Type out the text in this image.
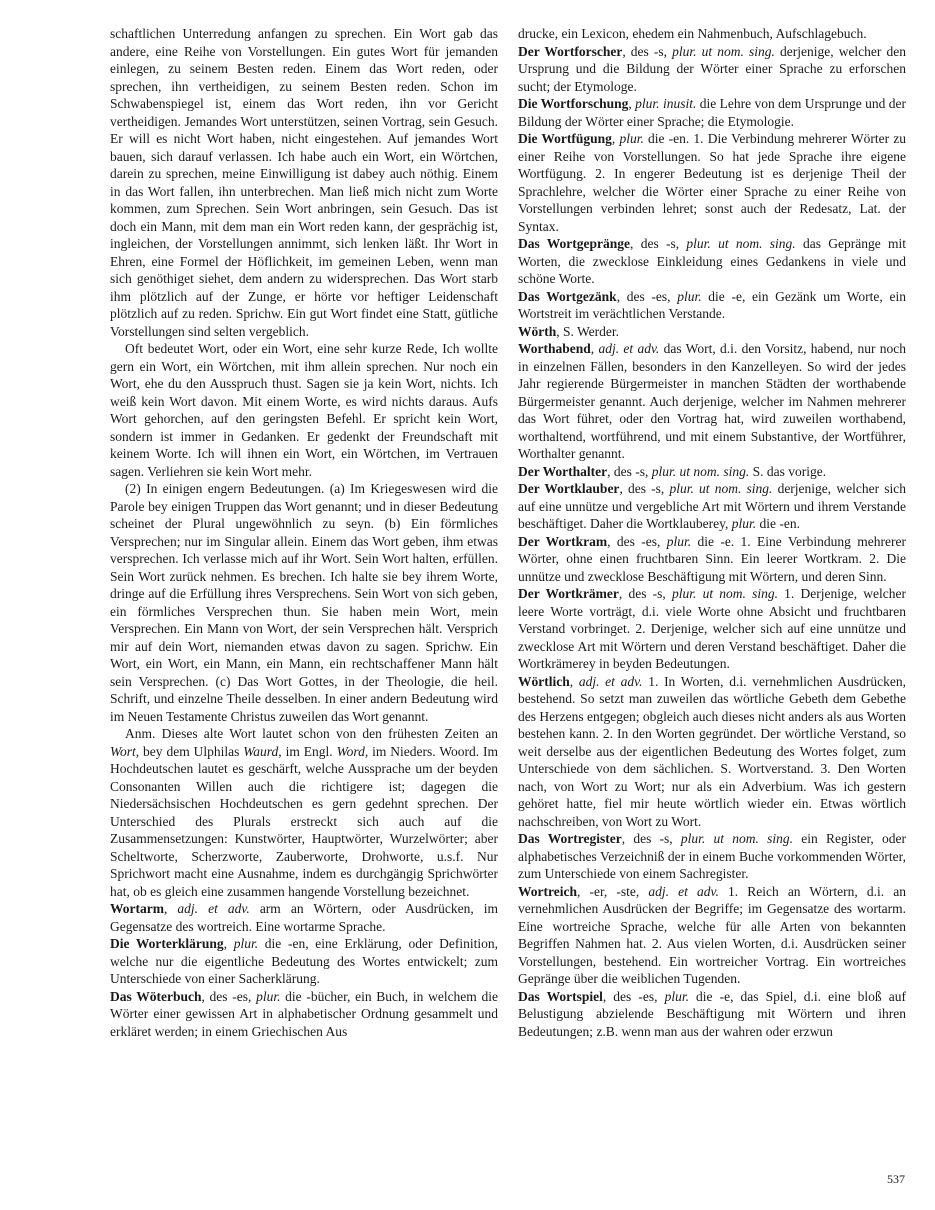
schaftlichen Unterredung anfangen zu sprechen. Ein Wort gab das andere, eine Reihe von Vorstellungen. Ein gutes Wort für jemanden einlegen, zu seinem Besten reden. Einem das Wort reden, oder sprechen, ihn vertheidigen, zu seinem Besten reden. Schon im Schwabenspiegel ist, einem das Wort reden, ihn vor Gericht vertheidigen. Jemandes Wort unterstützen, seinen Vortrag, sein Gesuch. Er will es nicht Wort haben, nicht eingestehen. Auf jemandes Wort bauen, sich darauf verlassen. Ich habe auch ein Wort, ein Wörtchen, darein zu sprechen, meine Einwilligung ist dabey auch nöthig. Einem in das Wort fallen, ihn unterbrechen. Man ließ mich nicht zum Worte kommen, zum Sprechen. Sein Wort anbringen, sein Gesuch. Das ist doch ein Mann, mit dem man ein Wort reden kann, der gesprächig ist, ingleichen, der Vorstellungen annimmt, sich lenken läßt. Ihr Wort in Ehren, eine Formel der Höflichkeit, im gemeinen Leben, wenn man sich genöthiget siehet, dem andern zu widersprechen. Das Wort starb ihm plötzlich auf der Zunge, er hörte vor heftiger Leidenschaft plötzlich auf zu reden. Sprichw. Ein gut Wort findet eine Statt, gütliche Vorstellungen sind selten vergeblich.

Oft bedeutet Wort, oder ein Wort, eine sehr kurze Rede, Ich wollte gern ein Wort, ein Wörtchen, mit ihm allein sprechen. Nur noch ein Wort, ehe du den Ausspruch thust. Sagen sie ja kein Wort, nichts. Ich weiß kein Wort davon. Mit einem Worte, es wird nichts daraus. Aufs Wort gehorchen, auf den geringsten Befehl. Er spricht kein Wort, sondern ist immer in Gedanken. Er gedenkt der Freundschaft mit keinem Worte. Ich will ihnen ein Wort, ein Wörtchen, im Vertrauen sagen. Verliehren sie kein Wort mehr.

(2) In einigen engern Bedeutungen. (a) Im Kriegeswesen wird die Parole bey einigen Truppen das Wort genannt; und in dieser Bedeutung scheinet der Plural ungewöhnlich zu seyn. (b) Ein förmliches Versprechen; nur im Singular allein. Einem das Wort geben, ihm etwas versprechen. Ich verlasse mich auf ihr Wort. Sein Wort halten, erfüllen. Sein Wort zurück nehmen. Es brechen. Ich halte sie bey ihrem Worte, dringe auf die Erfüllung ihres Versprechens. Sein Wort von sich geben, ein förmliches Versprechen thun. Sie haben mein Wort, mein Versprechen. Ein Mann von Wort, der sein Versprechen hält. Versprich mir auf dein Wort, niemanden etwas davon zu sagen. Sprichw. Ein Wort, ein Wort, ein Mann, ein Mann, ein rechtschaffener Mann hält sein Versprechen. (c) Das Wort Gottes, in der Theologie, die heil. Schrift, und einzelne Theile desselben. In einer andern Bedeutung wird im Neuen Testamente Christus zuweilen das Wort genannt.

Anm. Dieses alte Wort lautet schon von den frühesten Zeiten an Wort, bey dem Ulphilas Waurd, im Engl. Word, im Nieders. Woord. Im Hochdeutschen lautet es geschärft, welche Aussprache um der beyden Consonanten Willen auch die richtigere ist; dagegen die Niedersächsischen Hochdeutschen es gern gedehnt sprechen. Der Unterschied des Plurals erstreckt sich auch auf die Zusammensetzungen: Kunstwörter, Hauptwörter, Wurzelwörter; aber Scheltworte, Scherzworte, Zauberworte, Drohworte, u.s.f. Nur Sprichwort macht eine Ausnahme, indem es durchgängig Sprichwörter hat, ob es gleich eine zusammen hangende Vorstellung bezeichnet.

Wortarm, adj. et adv. arm an Wörtern, oder Ausdrücken, im Gegensatze des wortreich. Eine wortarme Sprache.

Die Worterklärung, plur. die -en, eine Erklärung, oder Definition, welche nur die eigentliche Bedeutung des Wortes entwickelt; zum Unterschiede von einer Sacherklärung.

Das Wöterbuch, des -es, plur. die -bücher, ein Buch, in welchem die Wörter einer gewissen Art in alphabetischer Ordnung gesammelt und erkläret werden; in einem Griechischen Aus

drucke, ein Lexicon, ehedem ein Nahmenbuch, Aufschlagebuch.

Der Wortforscher, des -s, plur. ut nom. sing. derjenige, welcher den Ursprung und die Bildung der Wörter einer Sprache zu erforschen sucht; der Etymologe.

Die Wortforschung, plur. inusit. die Lehre von dem Ursprunge und der Bildung der Wörter einer Sprache; die Etymologie.

Die Wortfügung, plur. die -en. 1. Die Verbindung mehrerer Wörter zu einer Reihe von Vorstellungen. So hat jede Sprache ihre eigene Wortfügung. 2. In engerer Bedeutung ist es derjenige Theil der Sprachlehre, welcher die Wörter einer Sprache zu einer Reihe von Vorstellungen verbinden lehret; sonst auch der Redesatz, Lat. der Syntax.

Das Wortgepränge, des -s, plur. ut nom. sing. das Gepränge mit Worten, die zwecklose Einkleidung eines Gedankens in viele und schöne Worte.

Das Wortgezänk, des -es, plur. die -e, ein Gezänk um Worte, ein Wortstreit im verächtlichen Verstande.

Wörth, S. Werder.

Worthabend, adj. et adv. das Wort, d.i. den Vorsitz, habend, nur noch in einzelnen Fällen, besonders in den Kanzelleyen. So wird der jedes Jahr regierende Bürgermeister in manchen Städten der worthabende Bürgermeister genannt. Auch derjenige, welcher im Nahmen mehrerer das Wort führet, oder den Vortrag hat, wird zuweilen worthabend, worthaltend, wortführend, und mit einem Substantive, der Wortführer, Worthalter genannt.

Der Worthalter, des -s, plur. ut nom. sing. S. das vorige.

Der Wortklauber, des -s, plur. ut nom. sing. derjenige, welcher sich auf eine unnütze und vergebliche Art mit Wörtern und ihrem Verstande beschäftiget. Daher die Wortklauberey, plur. die -en.

Der Wortkram, des -es, plur. die -e. 1. Eine Verbindung mehrerer Wörter, ohne einen fruchtbaren Sinn. Ein leerer Wortkram. 2. Die unnütze und zwecklose Beschäftigung mit Wörtern, und deren Sinn.

Der Wortkrämer, des -s, plur. ut nom. sing. 1. Derjenige, welcher leere Worte vorträgt, d.i. viele Worte ohne Absicht und fruchtbaren Verstand vorbringet. 2. Derjenige, welcher sich auf eine unnütze und zwecklose Art mit Wörtern und deren Verstand beschäftiget. Daher die Wortkrämerey in beyden Bedeutungen.

Wörtlich, adj. et adv. 1. In Worten, d.i. vernehmlichen Ausdrücken, bestehend. So setzt man zuweilen das wörtliche Gebeth dem Gebethe des Herzens entgegen; obgleich auch dieses nicht anders als aus Worten bestehen kann. 2. In den Worten gegründet. Der wörtliche Verstand, so weit derselbe aus der eigentlichen Bedeutung des Wortes folget, zum Unterschiede von dem sächlichen. S. Wortverstand. 3. Den Worten nach, von Wort zu Wort; nur als ein Adverbium. Was ich gestern gehöret hatte, fiel mir heute wörtlich wieder ein. Etwas wörtlich nachschreiben, von Wort zu Wort.

Das Wortregister, des -s, plur. ut nom. sing. ein Register, oder alphabetisches Verzeichniß der in einem Buche vorkommenden Wörter, zum Unterschiede von einem Sachregister.

Wortreich, -er, -ste, adj. et adv. 1. Reich an Wörtern, d.i. an vernehmlichen Ausdrücken der Begriffe; im Gegensatze des wortarm. Eine wortreiche Sprache, welche für alle Arten von bekannten Begriffen Nahmen hat. 2. Aus vielen Worten, d.i. Ausdrücken seiner Vorstellungen, bestehend. Ein wortreicher Vortrag. Ein wortreiches Gepränge über die weiblichen Tugenden.

Das Wortspiel, des -es, plur. die -e, das Spiel, d.i. eine bloß auf Belustigung abzielende Beschäftigung mit Wörtern und ihren Bedeutungen; z.B. wenn man aus der wahren oder erzwun

537
